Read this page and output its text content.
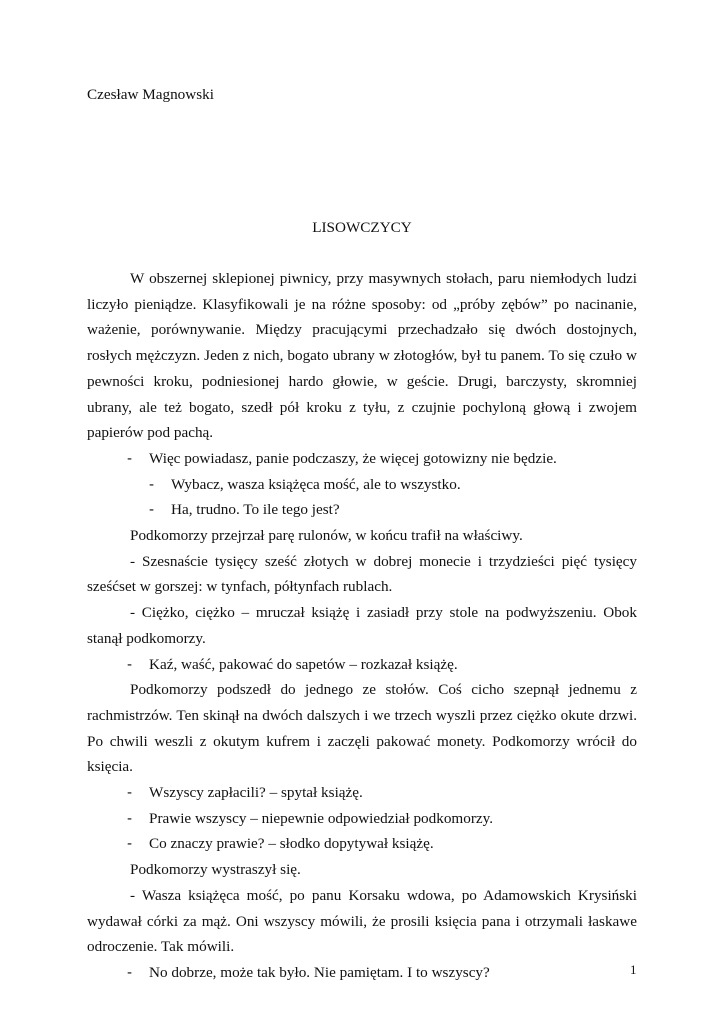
Czesław Magnowski
LISOWCZYCY

W obszernej sklepionej piwnicy, przy masywnych stołach, paru niemłodych ludzi liczyło pieniądze. Klasyfikowali je na różne sposoby: od „próby zębów” po nacinanie, ważenie, porównywanie. Między pracującymi przechadzało się dwóch dostojnych, rosłych mężczyzn. Jeden z nich, bogato ubrany w złotogłów, był tu panem. To się czuło w pewności kroku, podniesionej hardo głowie, w geście. Drugi, barczysty, skromniej ubrany, ale też bogato, szedł pół kroku z tyłu, z czujnie pochyloną głową i zwojem papierów pod pachą.

-	Więc powiadasz, panie podczaszy, że więcej gotowizny nie będzie.
-	Wybacz, wasza książęca mość, ale to wszystko.
-	Ha, trudno. To ile tego jest?

Podkomorzy przejrzał parę rulonów, w końcu trafił na właściwy.

- Szesnaście tysięcy sześć złotych w dobrej monecie i trzydzieści pięć tysięcy sześćset w gorszej: w tynfach, półtynfach rublach.

- Ciężko, ciężko – mruczał książę i zasiadł przy stole na podwyższeniu. Obok stanął podkomorzy.

-	Kaź, waść, pakować do sapetów – rozkazał książę.

Podkomorzy podszedł do jednego ze stołów. Coś cicho szepnął jednemu z rachmistrzów. Ten skinął na dwóch dalszych i we trzech wyszli przez ciężko okute drzwi. Po chwili weszli z okutym kufrem i zaczęli pakować monety. Podkomorzy wrócił do księcia.

-	Wszyscy zapłacili? – spytał książę.
-	Prawie wszyscy – niepewnie odpowiedział podkomorzy.
-	Co znaczy prawie? – słodko dopytywał książę.

Podkomorzy wystraszył się.

- Wasza książęca mość, po panu Korsaku wdowa, po Adamowskich Krysiński wydawał córki za mąż. Oni wszyscy mówili, że prosili księcia pana i otrzymali łaskawe odroczenie. Tak mówili.

-	No dobrze, może tak było. Nie pamiętam. I to wszyscy?	1
